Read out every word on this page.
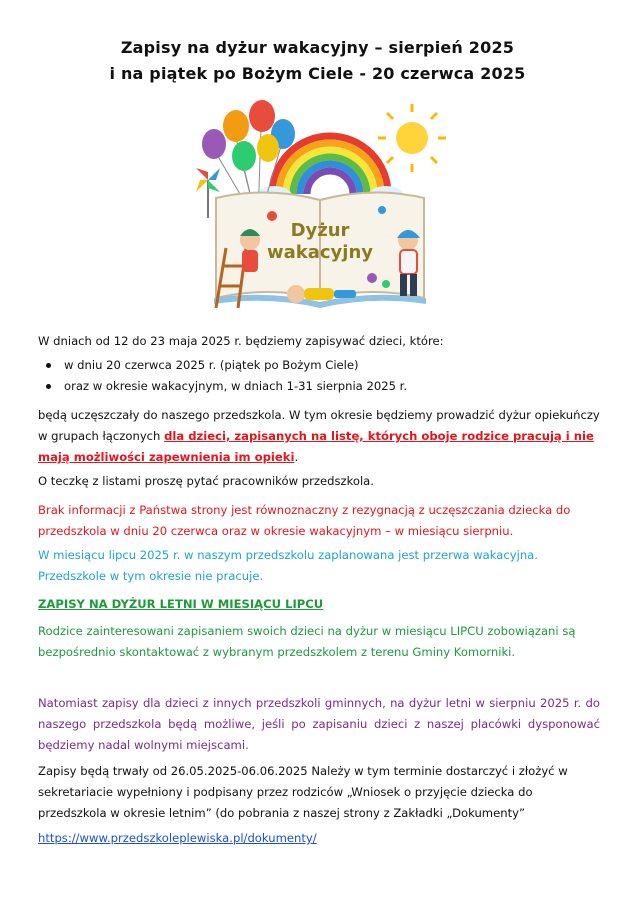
Zapisy na dyżur wakacyjny – sierpień 2025
i na piątek po Bożym Ciele - 20 czerwca 2025
Dyżur
wakacyjny

W dniach od 12 do 23 maja 2025 r. będziemy zapisywać dzieci, które:

w dniu 20 czerwca 2025 r. (piątek po Bożym Ciele)
oraz w okresie wakacyjnym, w dniach 1-31 sierpnia 2025 r.

będą uczęszczały do naszego przedszkola. W tym okresie będziemy prowadzić dyżur opiekuńczy w grupach łączonych dla dzieci, zapisanych na listę, których oboje rodzice pracują i nie mają możliwości zapewnienia im opieki.

O teczkę z listami proszę pytać pracowników przedszkola.

Brak informacji z Państwa strony jest równoznaczny z rezygnacją z uczęszczania dziecka do przedszkola w dniu 20 czerwca oraz w okresie wakacyjnym – w miesiącu sierpniu.

W miesiącu lipcu 2025 r. w naszym przedszkolu zaplanowana jest przerwa wakacyjna. Przedszkole w tym okresie nie pracuje.

ZAPISY NA DYŻUR LETNI W MIESIĄCU LIPCU

Rodzice zainteresowani zapisaniem swoich dzieci na dyżur w miesiącu LIPCU zobowiązani są bezpośrednio skontaktować z wybranym przedszkolem z terenu Gminy Komorniki.

Natomiast zapisy dla dzieci z innych przedszkoli gminnych, na dyżur letni w sierpniu 2025 r. do naszego przedszkola będą możliwe, jeśli po zapisaniu dzieci z naszej placówki dysponować będziemy nadal wolnymi miejscami.

Zapisy będą trwały od 26.05.2025-06.06.2025 Należy w tym terminie dostarczyć i złożyć w sekretariacie wypełniony i podpisany przez rodziców „Wniosek o przyjęcie dziecka do przedszkola w okresie letnim” (do pobrania z naszej strony z Zakładki „Dokumenty”

https://www.przedszkoleplewiska.pl/dokumenty/
